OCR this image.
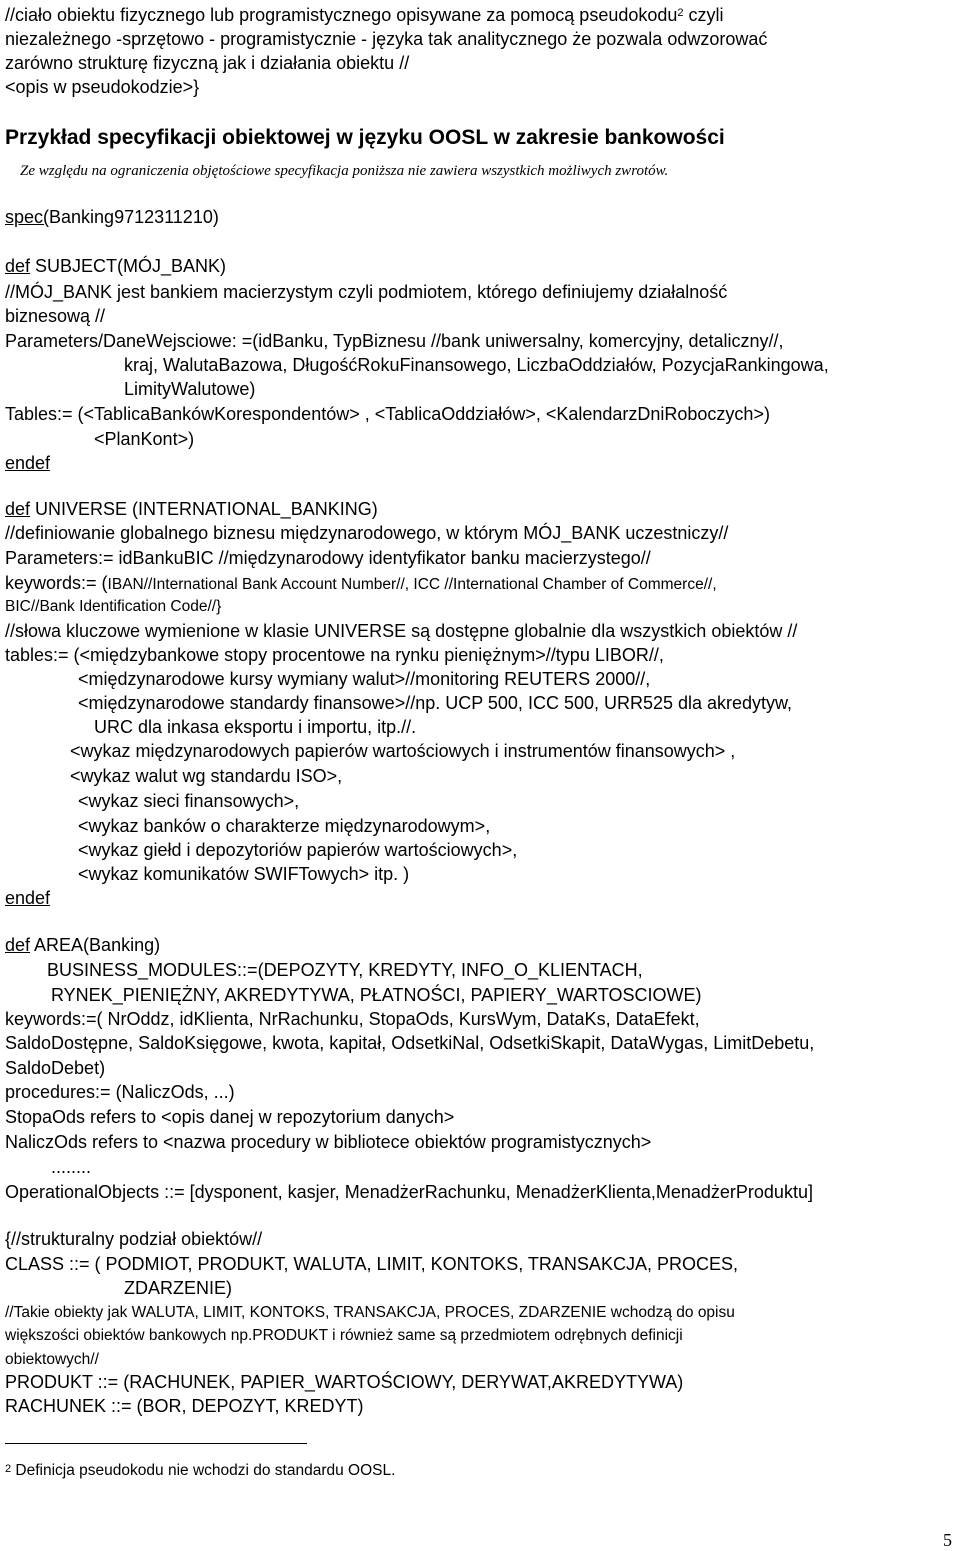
//ciało obiektu fizycznego lub programistycznego opisywane za pomocą pseudokodu$^2$ czyli
niezależnego -sprzętowo - programistycznie - języka tak analitycznego że pozwala odwzorować
zarówno strukturę fizyczną jak i działania obiektu //
<opis w pseudokodzie>}
Przykład specyfikacji obiektowej w języku OOSL w zakresie bankowości
Ze względu na ograniczenia objętościowe specyfikacja poniższa nie zawiera wszystkich możliwych zwrotów.
spec(Banking9712311210)
def SUBJECT(MÓJ_BANK)
//MÓJ_BANK jest bankiem macierzystym czyli podmiotem, którego definiujemy działalność
biznesową //
Parameters/DaneWejsciowe: =(idBanku, TypBiznesu //bank uniwersalny, komercyjny, detaliczny//,
kraj, WalutaBazowa, DługośćRokuFinansowego, LiczbaOddziałów, PozycjaRankingowa,
LimityWalutowe)
Tables:= (<TablicaBankówKorespondentów> , <TablicaOddziałów>, <KalendarzDniRoboczych>)
<PlanKont>)
endef
def UNIVERSE (INTERNATIONAL_BANKING)
//definiowanie globalnego biznesu międzynarodowego, w którym MÓJ_BANK uczestniczy//
Parameters:= idBankuBIC //międzynarodowy identyfikator banku macierzystego//
keywords:= (IBAN//International Bank Account Number//, ICC //International Chamber of Commerce//,
BIC//Bank Identification Code//}
//słowa kluczowe wymienione w klasie UNIVERSE są dostępne globalnie dla wszystkich obiektów //
tables:= (<międzybankowe stopy procentowe na rynku pieniężnym>//typu LIBOR//,
<międzynarodowe kursy wymiany walut>//monitoring REUTERS 2000//,
<międzynarodowe standardy finansowe>//np. UCP 500, ICC 500, URR525 dla akredytyw,
URC dla inkasa eksportu i importu, itp.//.
<wykaz międzynarodowych papierów wartościowych i instrumentów finansowych> ,
<wykaz walut wg standardu ISO>,
<wykaz sieci finansowych>,
<wykaz banków o charakterze międzynarodowym>,
<wykaz giełd i depozytoriów papierów wartościowych>,
<wykaz komunikatów SWIFTowych> itp. )
endef
def AREA(Banking)
BUSINESS_MODULES::=(DEPOZYTY, KREDYTY, INFO_O_KLIENTACH,
RYNEK_PIENIĘŻNY, AKREDYTYWA, PŁATNOŚCI, PAPIERY_WARTOSCIOWE)
keywords:=( NrOddz, idKlienta, NrRachunku, StopaOds, KursWym, DataKs, DataEfekt,
SaldoDostępne, SaldoKsięgowe, kwota, kapitał, OdsetkiNal, OdsetkiSkapit, DataWygas, LimitDebetu,
SaldoDebet)
procedures:= (NaliczOds, ...)
StopaOds refers to <opis danej w repozytorium danych>
NaliczOds refers to <nazwa procedury w bibliotece obiektów programistycznych>
........
OperationalObjects ::= [dysponent, kasjer, MenadżerRachunku, MenadżerKlienta,MenadżerProduktu]
{//strukturalny podział obiektów//
CLASS ::= ( PODMIOT, PRODUKT, WALUTA, LIMIT, KONTOKS, TRANSAKCJA, PROCES,
ZDARZENIE)
//Takie obiekty jak WALUTA, LIMIT, KONTOKS, TRANSAKCJA, PROCES, ZDARZENIE wchodzą do opisu
większości obiektów bankowych np.PRODUKT i również same są przedmiotem odrębnych definicji
obiektowych//
PRODUKT ::= (RACHUNEK, PAPIER_WARTOŚCIOWY, DERYWAT,AKREDYTYWA)
RACHUNEK ::= (BOR, DEPOZYT, KREDYT)
$^2$ Definicja pseudokodu nie wchodzi do standardu OOSL.
5
